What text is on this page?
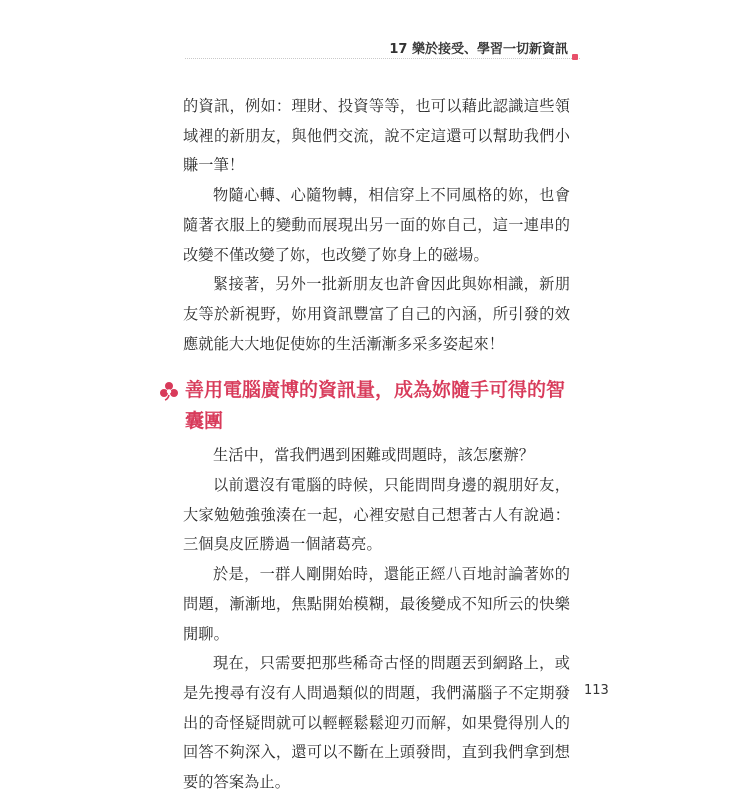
17 樂於接受、學習一切新資訊

的資訊，例如：理財、投資等等，也可以藉此認識這些領域裡的新朋友，與他們交流，說不定這還可以幫助我們小賺一筆！

物隨心轉、心隨物轉，相信穿上不同風格的妳，也會隨著衣服上的變動而展現出另一面的妳自己，這一連串的改變不僅改變了妳，也改變了妳身上的磁場。

緊接著，另外一批新朋友也許會因此與妳相識，新朋友等於新視野，妳用資訊豐富了自己的內涵，所引發的效應就能大大地促使妳的生活漸漸多采多姿起來！

善用電腦廣博的資訊量，成為妳隨手可得的智囊團

生活中，當我們遇到困難或問題時，該怎麼辦？

以前還沒有電腦的時候，只能問問身邊的親朋好友，大家勉勉強強湊在一起，心裡安慰自己想著古人有說過：三個臭皮匠勝過一個諸葛亮。

於是，一群人剛開始時，還能正經八百地討論著妳的問題，漸漸地，焦點開始模糊，最後變成不知所云的快樂閒聊。

現在，只需要把那些稀奇古怪的問題丟到網路上，或是先搜尋有沒有人問過類似的問題，我們滿腦子不定期發出的奇怪疑問就可以輕輕鬆鬆迎刃而解，如果覺得別人的回答不夠深入，還可以不斷在上頭發問，直到我們拿到想要的答案為止。

113
